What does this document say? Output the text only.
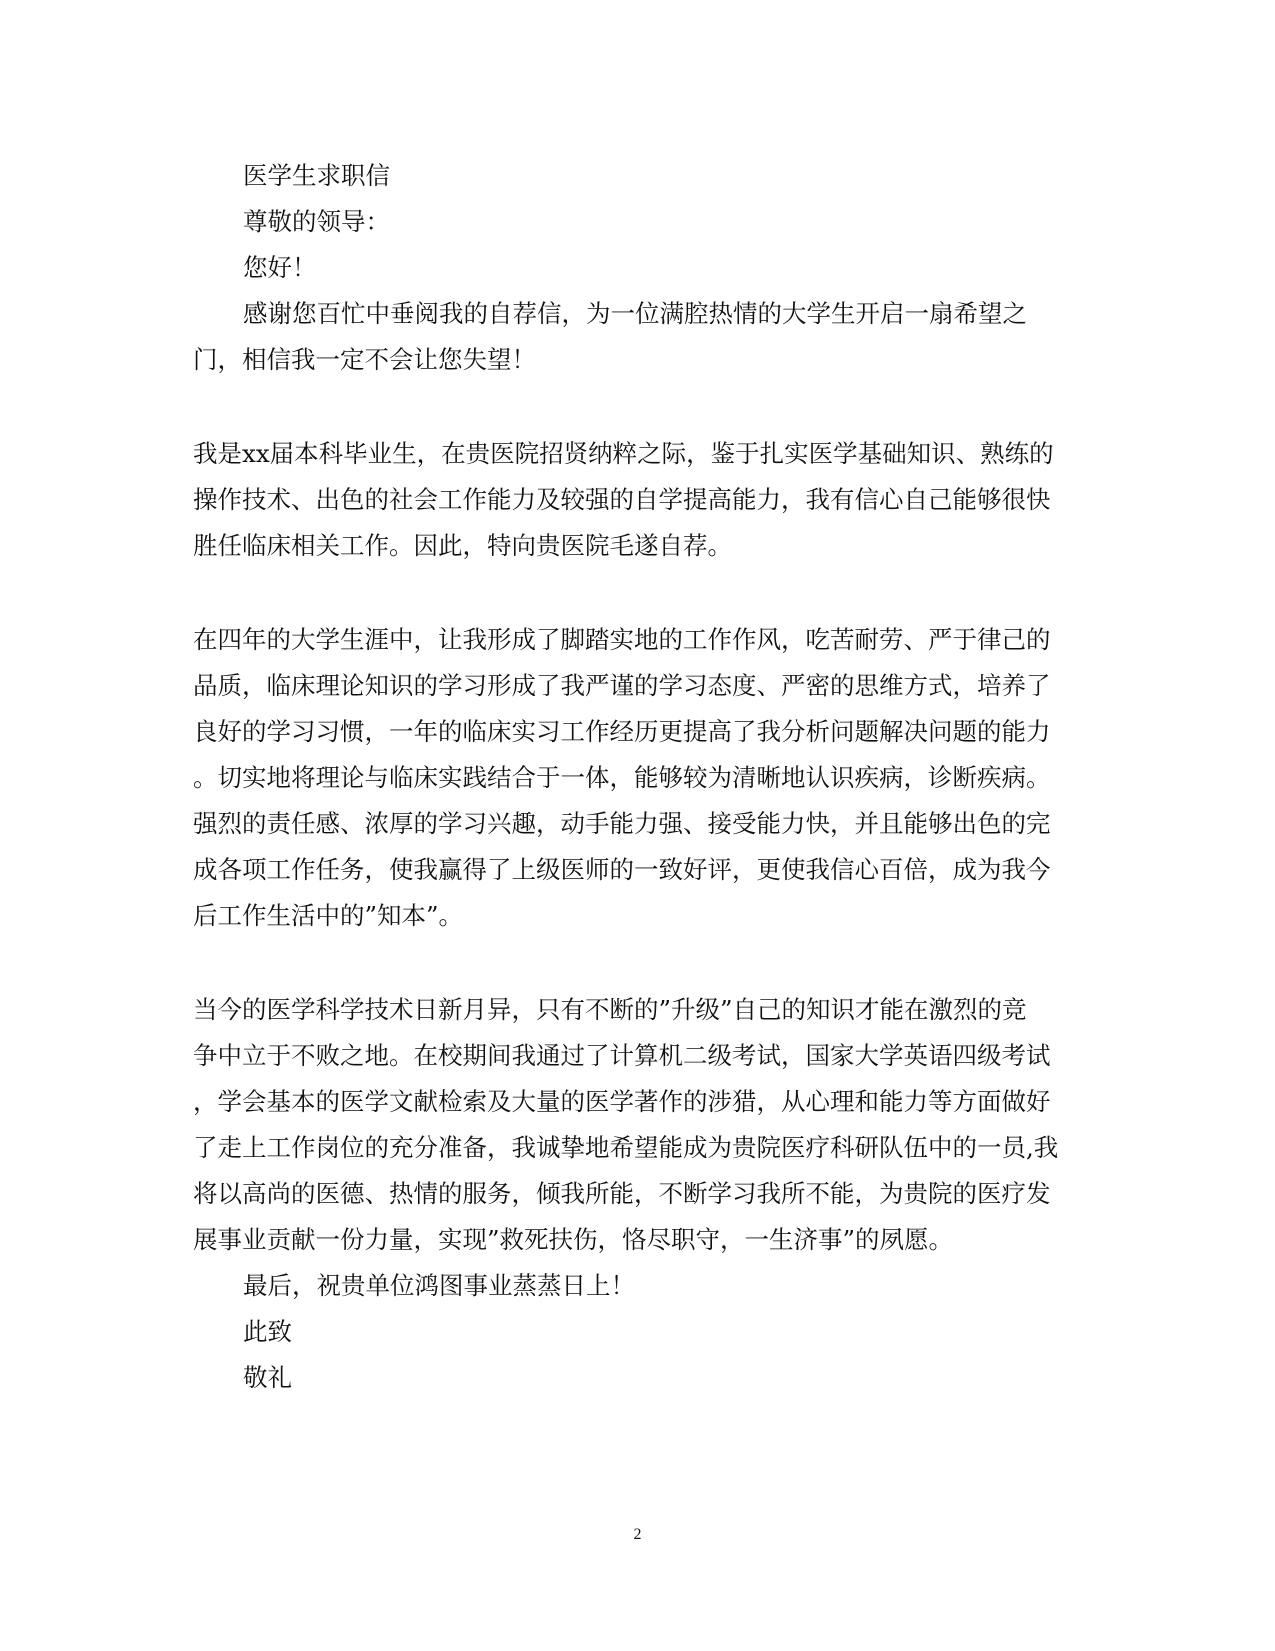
医学生求职信
尊敬的领导：
您好！
感谢您百忙中垂阅我的自荐信，为一位满腔热情的大学生开启一扇希望之
门，相信我一定不会让您失望！
我是xx届本科毕业生，在贵医院招贤纳粹之际，鉴于扎实医学基础知识、熟练的
操作技术、出色的社会工作能力及较强的自学提高能力，我有信心自己能够很快
胜任临床相关工作。因此，特向贵医院毛遂自荐。
在四年的大学生涯中，让我形成了脚踏实地的工作作风，吃苦耐劳、严于律己的
品质，临床理论知识的学习形成了我严谨的学习态度、严密的思维方式，培养了
良好的学习习惯，一年的临床实习工作经历更提高了我分析问题解决问题的能力
。切实地将理论与临床实践结合于一体，能够较为清晰地认识疾病，诊断疾病。
强烈的责任感、浓厚的学习兴趣，动手能力强、接受能力快，并且能够出色的完
成各项工作任务，使我赢得了上级医师的一致好评，更使我信心百倍，成为我今
后工作生活中的”知本”。
当今的医学科学技术日新月异，只有不断的”升级”自己的知识才能在激烈的竞
争中立于不败之地。在校期间我通过了计算机二级考试，国家大学英语四级考试
，学会基本的医学文献检索及大量的医学著作的涉猎，从心理和能力等方面做好
了走上工作岗位的充分准备，我诚挚地希望能成为贵院医疗科研队伍中的一员,我
将以高尚的医德、热情的服务，倾我所能，不断学习我所不能，为贵院的医疗发
展事业贡献一份力量，实现”救死扶伤，恪尽职守，一生济事”的夙愿。
最后，祝贵单位鸿图事业蒸蒸日上！
此致
敬礼
2
